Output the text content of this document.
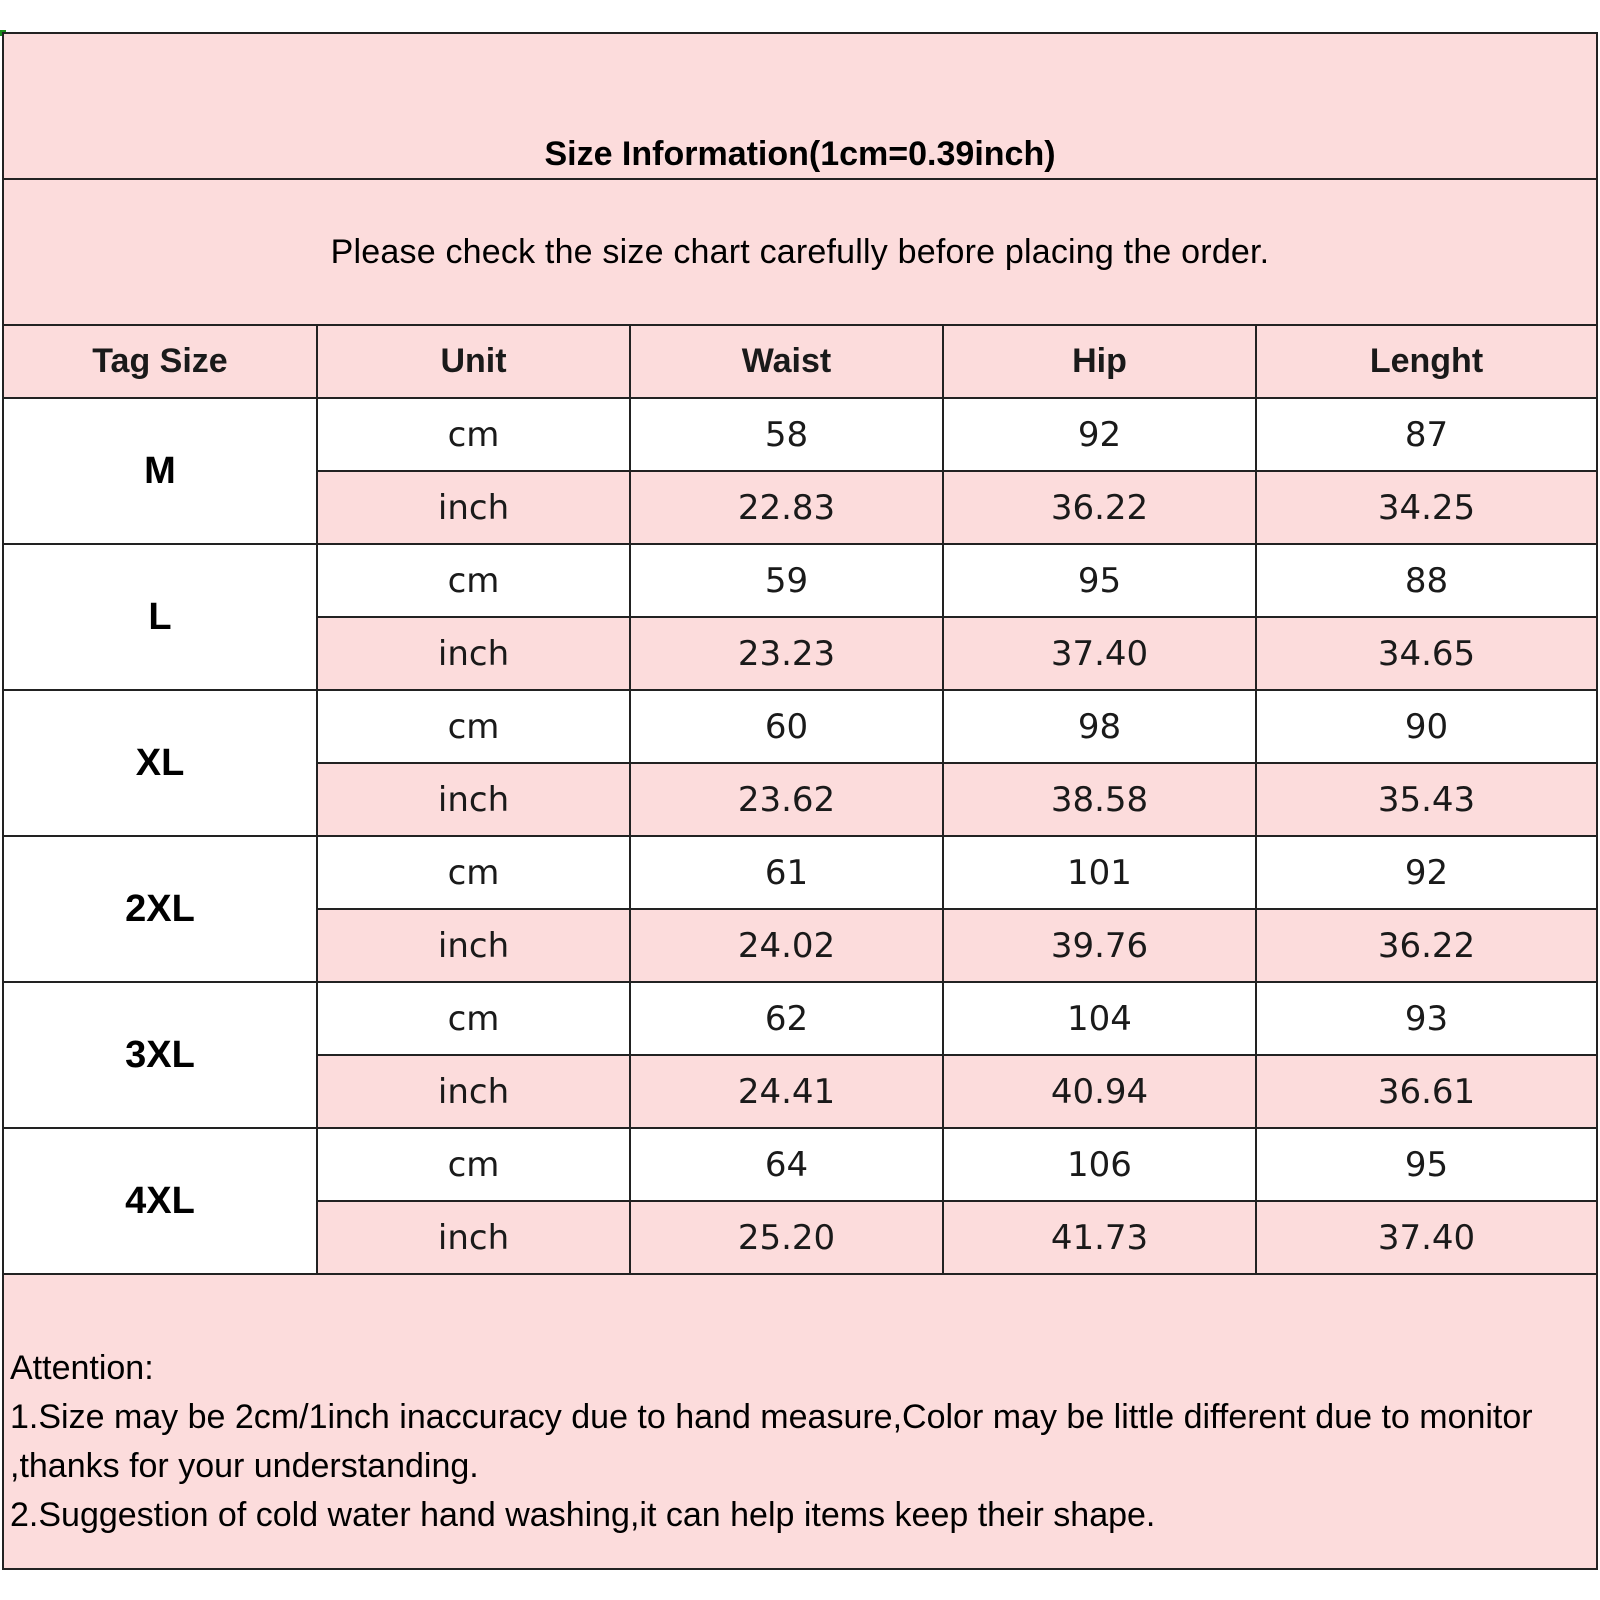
Size Information(1cm=0.39inch)
Please check the size chart carefully before placing the order.
Tag Size	Unit	Waist	Hip	Lenght
M	cm	58	92	87
	inch	22.83	36.22	34.25
L	cm	59	95	88
	inch	23.23	37.40	34.65
XL	cm	60	98	90
	inch	23.62	38.58	35.43
2XL	cm	61	101	92
	inch	24.02	39.76	36.22
3XL	cm	62	104	93
	inch	24.41	40.94	36.61
4XL	cm	64	106	95
	inch	25.20	41.73	37.40
Attention:
1.Size may be 2cm/1inch inaccuracy due to hand measure,Color may be little different due to monitor ,thanks for your understanding.
2.Suggestion of cold water hand washing,it can help items keep their shape.
